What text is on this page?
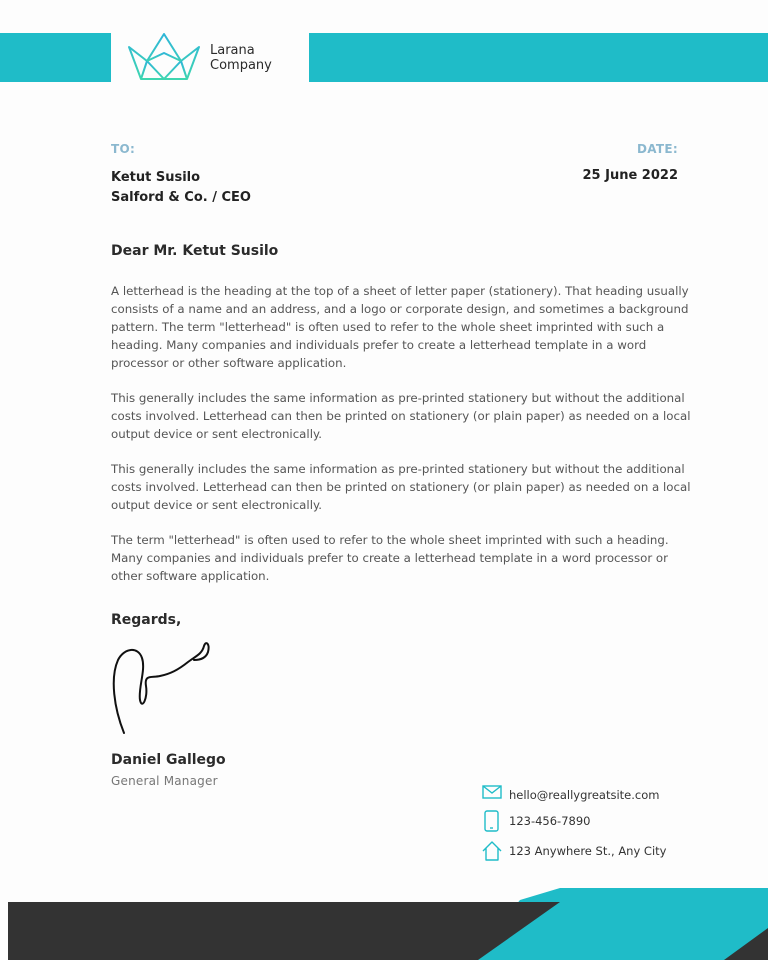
Larana
Company
TO:	DATE:
Ketut Susilo
Salford & Co. / CEO
25 June 2022
Dear Mr. Ketut Susilo

A letterhead is the heading at the top of a sheet of letter paper (stationery). That heading usually consists of a name and an address, and a logo or corporate design, and sometimes a background pattern. The term "letterhead" is often used to refer to the whole sheet imprinted with such a heading. Many companies and individuals prefer to create a letterhead template in a word processor or other software application.

This generally includes the same information as pre-printed stationery but without the additional costs involved. Letterhead can then be printed on stationery (or plain paper) as needed on a local output device or sent electronically.

This generally includes the same information as pre-printed stationery but without the additional costs involved. Letterhead can then be printed on stationery (or plain paper) as needed on a local output device or sent electronically.

The term "letterhead" is often used to refer to the whole sheet imprinted with such a heading. Many companies and individuals prefer to create a letterhead template in a word processor or other software application.

Regards,
Daniel Gallego
General Manager
hello@reallygreatsite.com
123-456-7890
123 Anywhere St., Any City
